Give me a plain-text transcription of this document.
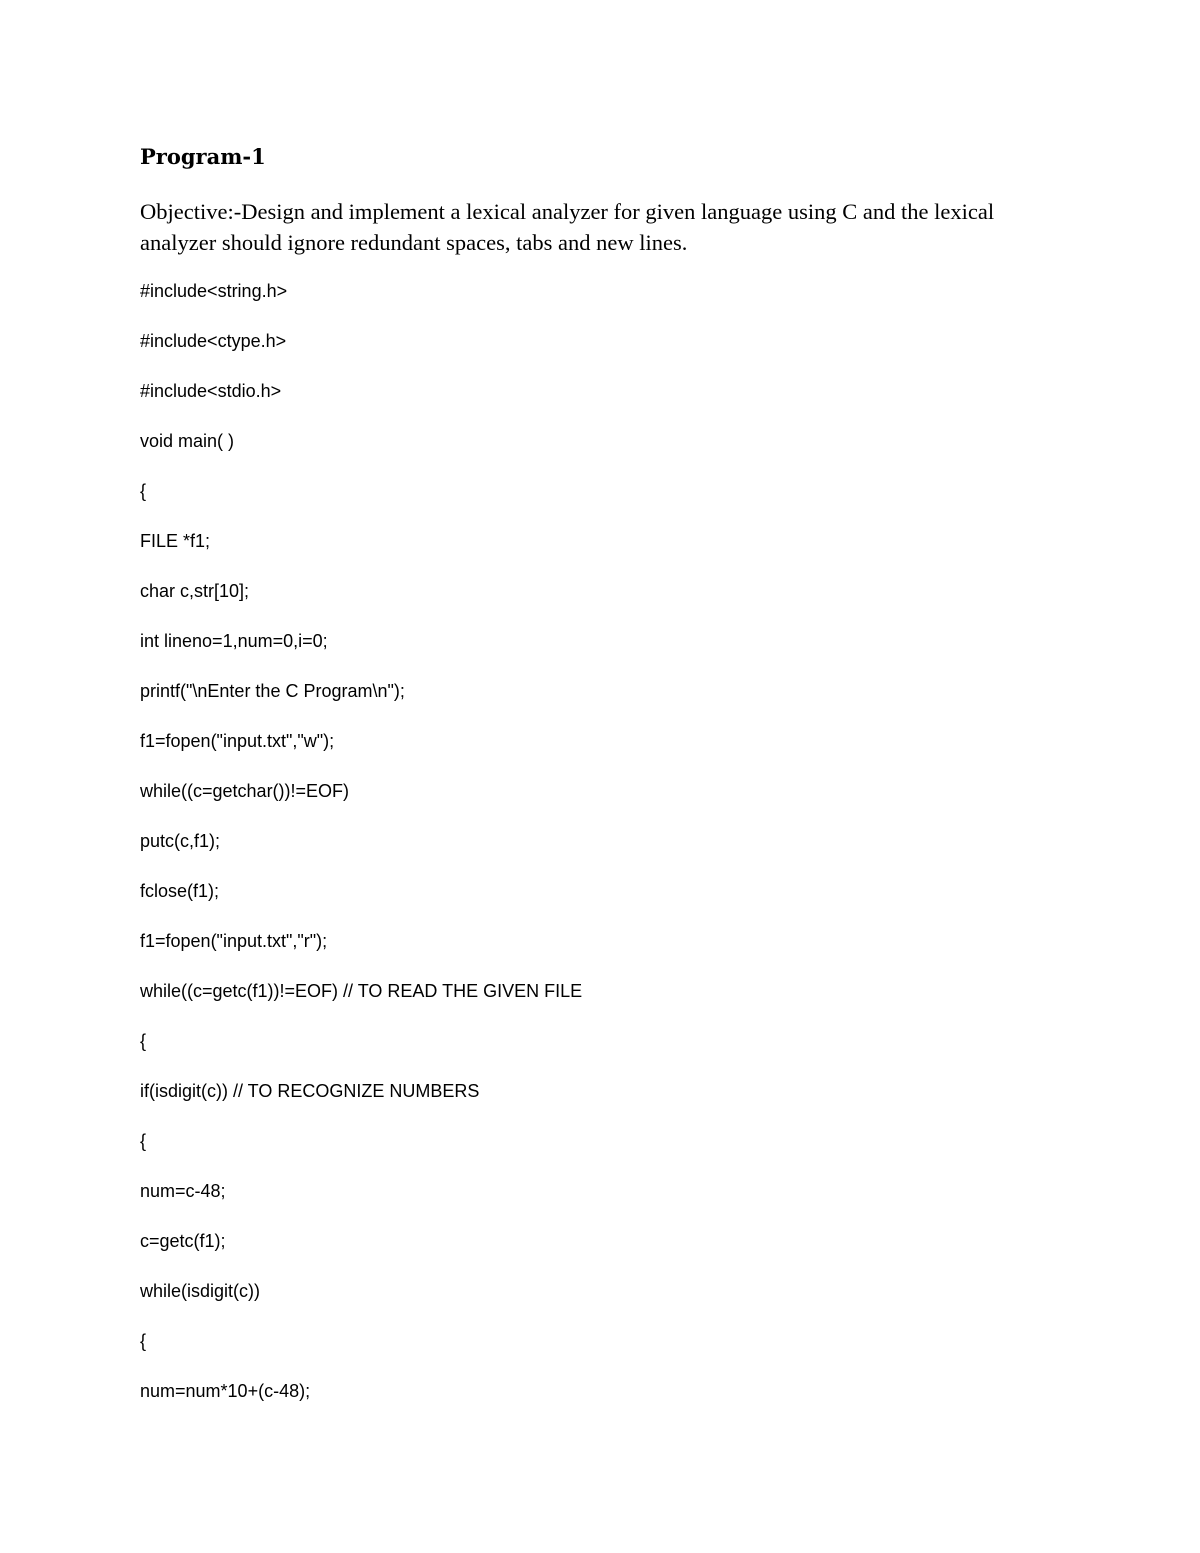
Program-1

Objective:-Design and implement a lexical analyzer for given language using C and the lexical analyzer should ignore redundant spaces, tabs and new lines.

#include<string.h>
#include<ctype.h>
#include<stdio.h>
void main( )
{
FILE *f1;
char c,str[10];
int lineno=1,num=0,i=0;
printf("\nEnter the C Program\n");
f1=fopen("input.txt","w");
while((c=getchar())!=EOF)
putc(c,f1);
fclose(f1);
f1=fopen("input.txt","r");
while((c=getc(f1))!=EOF) // TO READ THE GIVEN FILE
{
if(isdigit(c)) // TO RECOGNIZE NUMBERS
{
num=c-48;
c=getc(f1);
while(isdigit(c))
{
num=num*10+(c-48);
